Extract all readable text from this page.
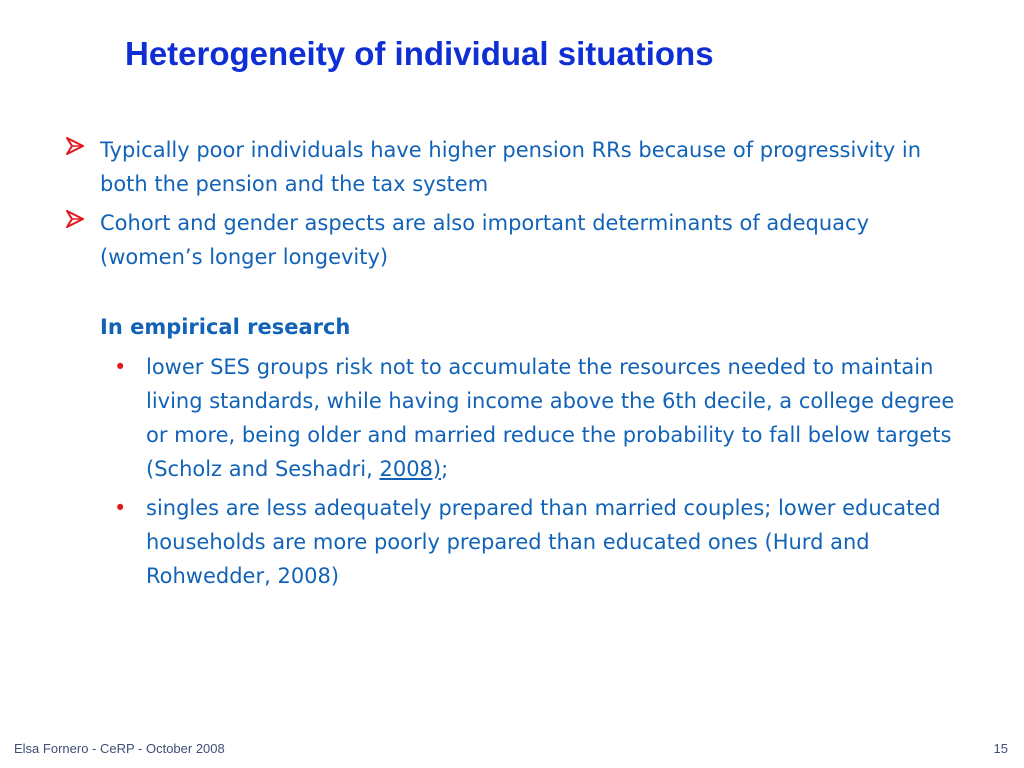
Heterogeneity of individual situations
Typically poor individuals have higher pension RRs because of progressivity in both the pension and the tax system
Cohort and gender aspects are also important determinants of adequacy (women’s longer longevity)
In empirical research
• lower SES groups risk not to accumulate the resources needed to maintain living standards, while having income above the 6th decile, a college degree or more, being older and married reduce the probability to fall below targets (Scholz and Seshadri, 2008);
• singles are less adequately prepared than married couples; lower educated households are more poorly prepared than educated ones (Hurd and Rohwedder, 2008)
Elsa Fornero - CeRP - October 2008	15
